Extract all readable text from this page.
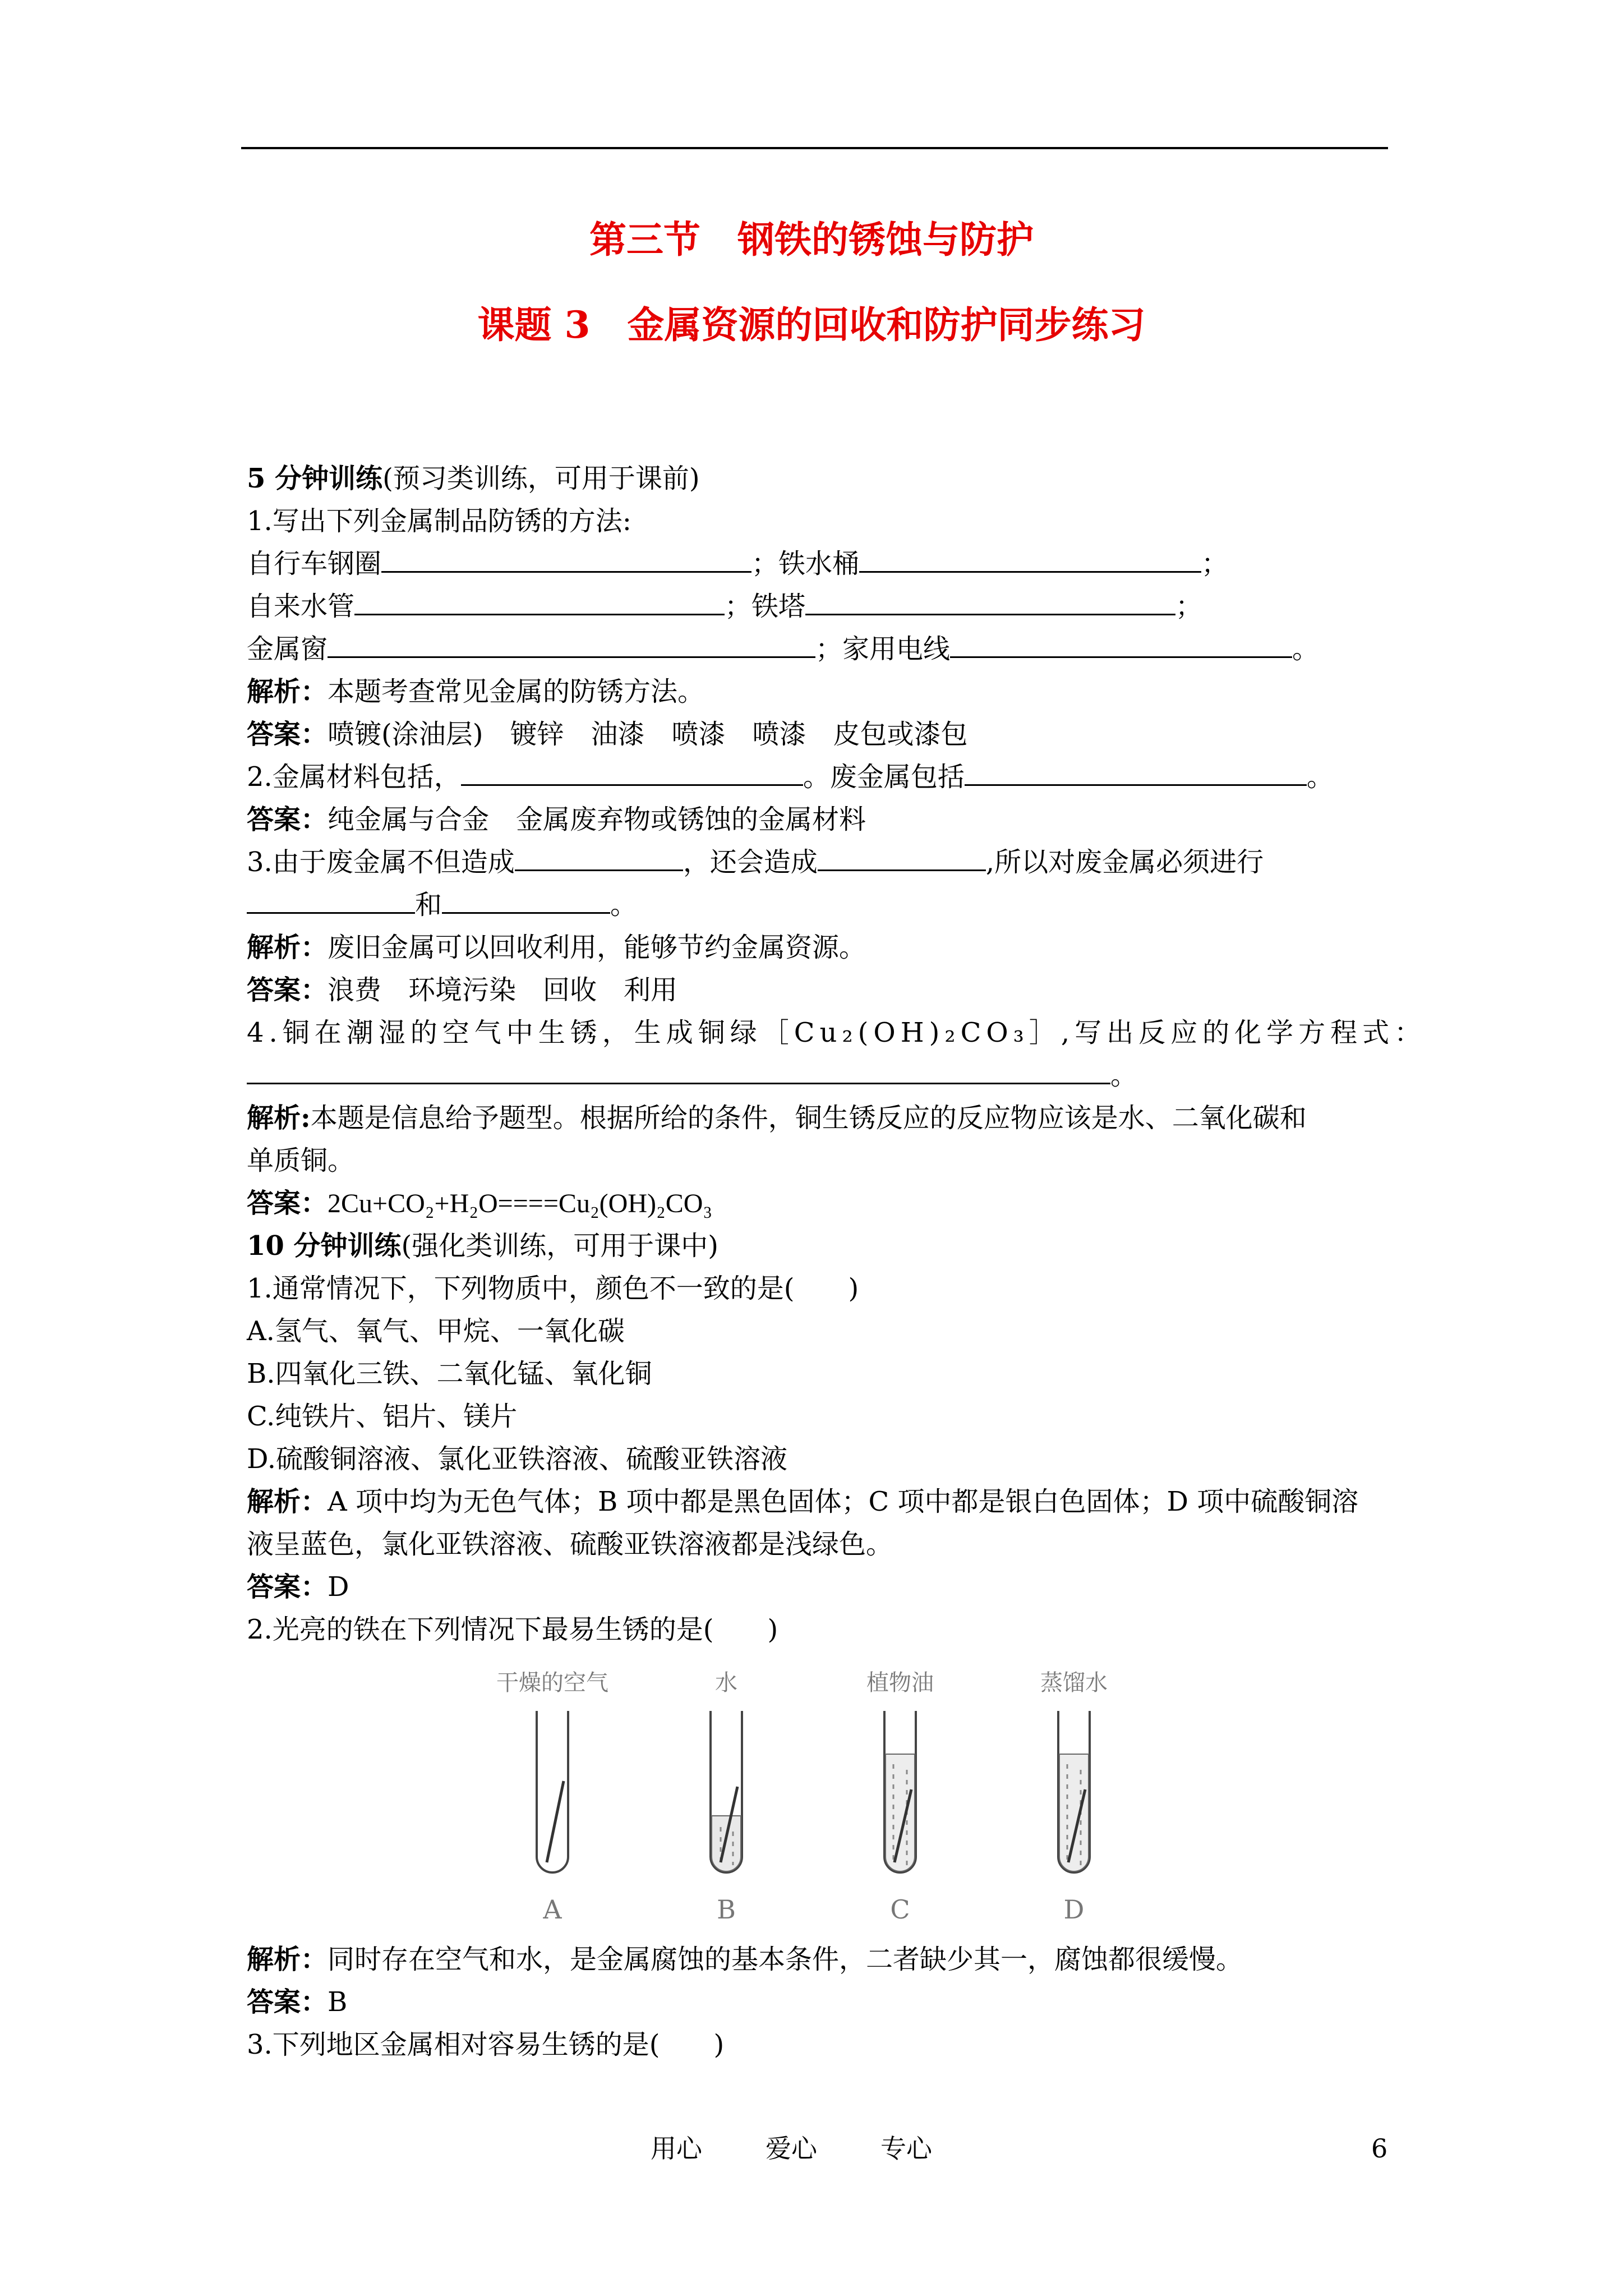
第三节　钢铁的锈蚀与防护
课题 3　金属资源的回收和防护同步练习
5 分钟训练(预习类训练，可用于课前)
1.写出下列金属制品防锈的方法:
自行车钢圈	；铁水桶	；
自来水管	；铁塔	；
金属窗	；家用电线	。
解析：本题考查常见金属的防锈方法。
答案：喷镀(涂油层)　镀锌　油漆　喷漆　喷漆　皮包或漆包
2.金属材料包括，	。废金属包括	。
答案：纯金属与合金　金属废弃物或锈蚀的金属材料
3.由于废金属不但造成	，还会造成	,所以对废金属必须进行
和	。
解析：废旧金属可以回收利用，能够节约金属资源。
答案：浪费　环境污染　回收　利用
4.铜在潮湿的空气中生锈，生成铜绿［Cu₂(OH)₂CO₃］,写出反应的化学方程式：
。
解析:本题是信息给予题型。根据所给的条件，铜生锈反应的反应物应该是水、二氧化碳和
单质铜。
答案：2Cu+CO₂+H₂O====Cu₂(OH)₂CO₃
10 分钟训练(强化类训练，可用于课中)
1.通常情况下，下列物质中，颜色不一致的是(　　)
A.氢气、氧气、甲烷、一氧化碳
B.四氧化三铁、二氧化锰、氧化铜
C.纯铁片、铝片、镁片
D.硫酸铜溶液、氯化亚铁溶液、硫酸亚铁溶液
解析：A 项中均为无色气体；B 项中都是黑色固体；C 项中都是银白色固体；D 项中硫酸铜溶
液呈蓝色，氯化亚铁溶液、硫酸亚铁溶液都是浅绿色。
答案：D
2.光亮的铁在下列情况下最易生锈的是(　　)
干燥的空气	水	植物油	蒸馏水
A	B	C	D
解析：同时存在空气和水，是金属腐蚀的基本条件，二者缺少其一，腐蚀都很缓慢。
答案：B
3.下列地区金属相对容易生锈的是(　　)
用心 爱心 专心	6
